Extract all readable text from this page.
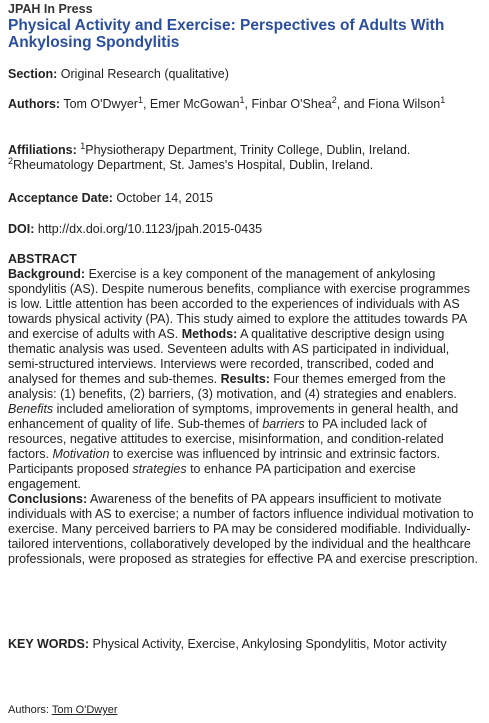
JPAH In Press
Physical Activity and Exercise: Perspectives of Adults With Ankylosing Spondylitis

Section: Original Research (qualitative)

Authors: Tom O'Dwyer$^1$, Emer McGowan$^1$, Finbar O'Shea$^2$, and Fiona Wilson$^1$

Affiliations: $^1$Physiotherapy Department, Trinity College, Dublin, Ireland. $^2$Rheumatology Department, St. James's Hospital, Dublin, Ireland.

Acceptance Date: October 14, 2015

DOI: http://dx.doi.org/10.1123/jpah.2015-0435

ABSTRACT

Background: Exercise is a key component of the management of ankylosing spondylitis (AS). Despite numerous benefits, compliance with exercise programmes is low. Little attention has been accorded to the experiences of individuals with AS towards physical activity (PA). This study aimed to explore the attitudes towards PA and exercise of adults with AS. Methods: A qualitative descriptive design using thematic analysis was used. Seventeen adults with AS participated in individual, semi-structured interviews. Interviews were recorded, transcribed, coded and analysed for themes and sub-themes. Results: Four themes emerged from the analysis: (1) benefits, (2) barriers, (3) motivation, and (4) strategies and enablers. Benefits included amelioration of symptoms, improvements in general health, and enhancement of quality of life. Sub-themes of barriers to PA included lack of resources, negative attitudes to exercise, misinformation, and condition-related factors. Motivation to exercise was influenced by intrinsic and extrinsic factors. Participants proposed strategies to enhance PA participation and exercise engagement.
Conclusions: Awareness of the benefits of PA appears insufficient to motivate individuals with AS to exercise; a number of factors influence individual motivation to exercise. Many perceived barriers to PA may be considered modifiable. Individually-tailored interventions, collaboratively developed by the individual and the healthcare professionals, were proposed as strategies for effective PA and exercise prescription.

KEY WORDS: Physical Activity, Exercise, Ankylosing Spondylitis, Motor activity

Authors: Tom O'Dwyer
